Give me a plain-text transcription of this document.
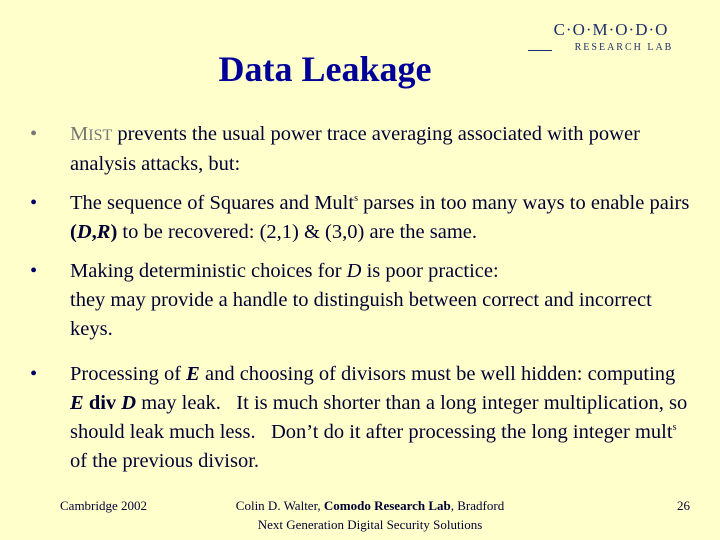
C·O·M·O·D·O
RESEARCH LAB
Data Leakage
• MIST prevents the usual power trace averaging associated with power analysis attacks, but:
• The sequence of Squares and Mult$^s$ parses in too many ways to enable pairs (D,R) to be recovered: (2,1) & (3,0) are the same.
• Making deterministic choices for D is poor practice:
they may provide a handle to distinguish between correct and incorrect keys.
• Processing of E and choosing of divisors must be well hidden: computing E div D may leak.   It is much shorter than a long integer multiplication, so should leak much less.   Don’t do it after processing the long integer mult$^s$ of the previous divisor.
Cambridge 2002	Colin D. Walter, Comodo Research Lab, Bradford
Next Generation Digital Security Solutions
26
